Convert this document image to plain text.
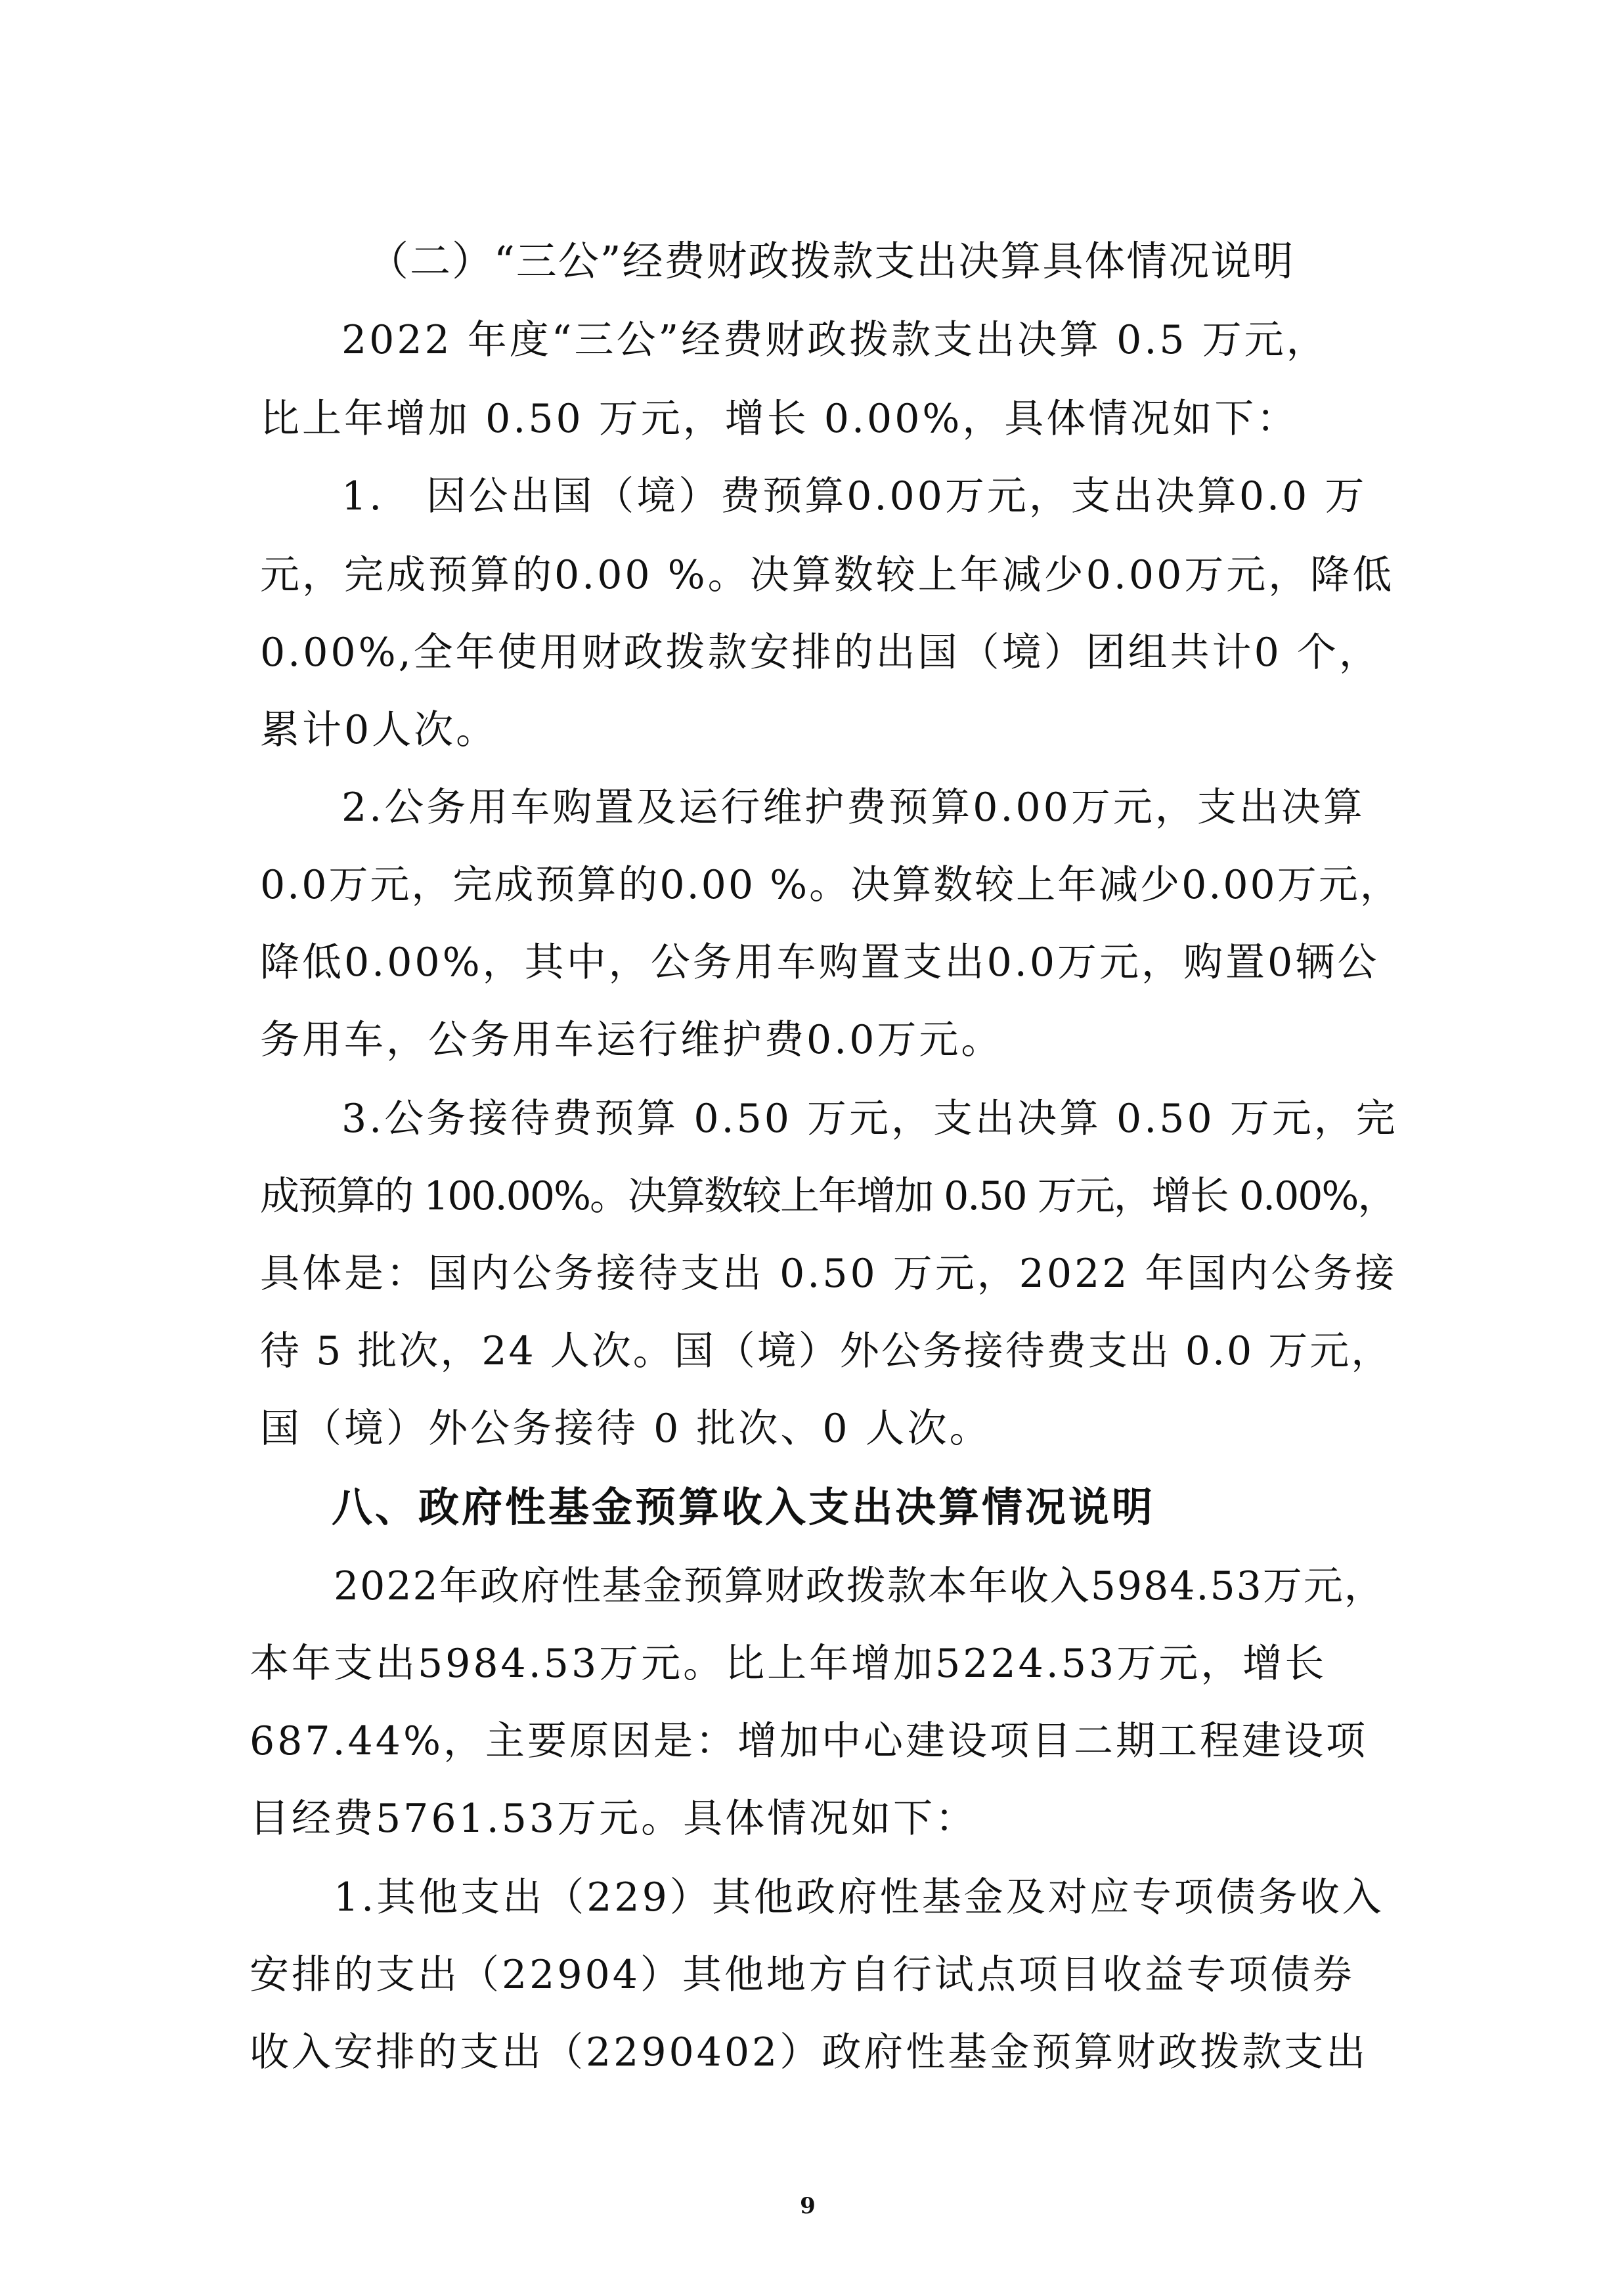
（二）“三公”经费财政拨款支出决算具体情况说明
2022 年度“三公”经费财政拨款支出决算 0.5 万元，
比上年增加 0.50 万元，增长 0.00%，具体情况如下：
1.　因公出国（境）费预算0.00万元，支出决算0.0 万
元，完成预算的0.00 %。决算数较上年减少0.00万元，降低
0.00%,全年使用财政拨款安排的出国（境）团组共计0 个，
累计0人次。
2.公务用车购置及运行维护费预算0.00万元，支出决算
0.0万元，完成预算的0.00 %。决算数较上年减少0.00万元，
降低0.00%，其中，公务用车购置支出0.0万元，购置0辆公
务用车，公务用车运行维护费0.0万元。
3.公务接待费预算 0.50 万元，支出决算 0.50 万元，完
成预算的 100.00%。决算数较上年增加 0.50 万元，增长 0.00%，
具体是：国内公务接待支出 0.50 万元，2022 年国内公务接
待 5 批次，24 人次。国（境）外公务接待费支出 0.0 万元，
国（境）外公务接待 0 批次、0 人次。
八、政府性基金预算收入支出决算情况说明
2022年政府性基金预算财政拨款本年收入5984.53万元，
本年支出5984.53万元。比上年增加5224.53万元，增长
687.44%，主要原因是：增加中心建设项目二期工程建设项
目经费5761.53万元。具体情况如下：
1.其他支出（229）其他政府性基金及对应专项债务收入
安排的支出（22904）其他地方自行试点项目收益专项债券
收入安排的支出（2290402）政府性基金预算财政拨款支出
9
